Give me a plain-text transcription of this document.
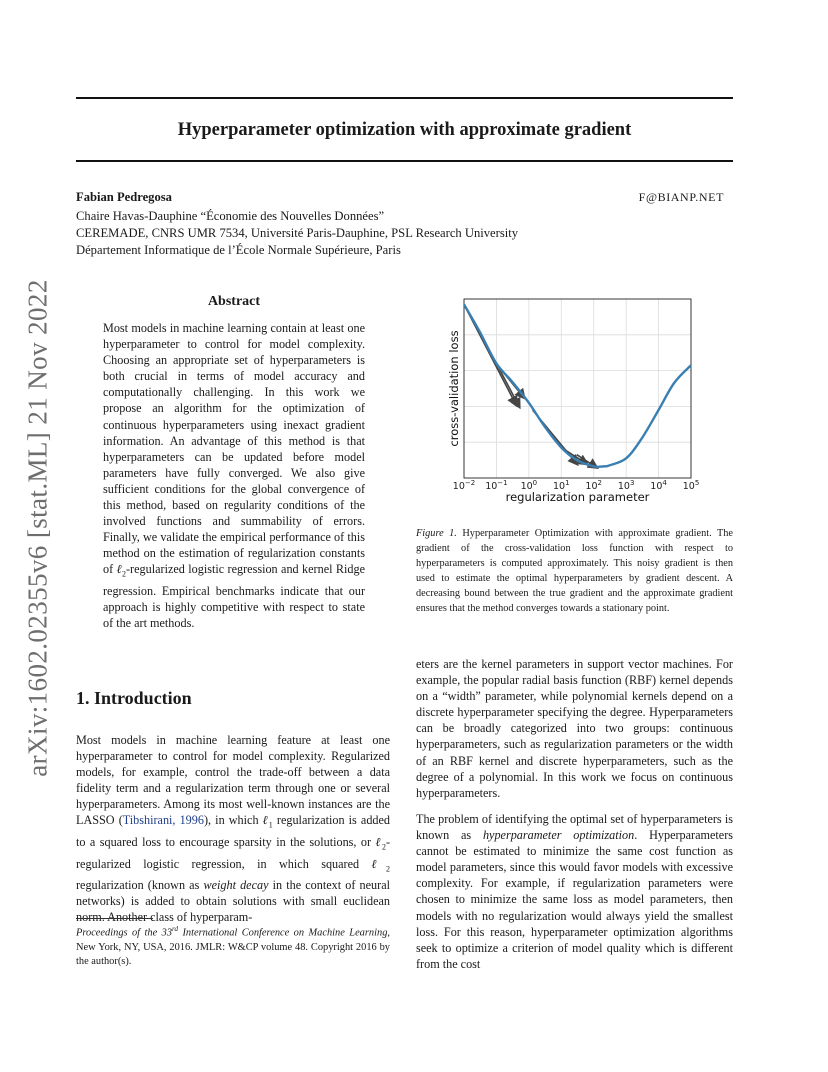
arXiv:1602.02355v6 [stat.ML] 21 Nov 2022
Hyperparameter optimization with approximate gradient
Fabian Pedregosa	F@BIANP.NET
Chaire Havas-Dauphine “Économie des Nouvelles Données”
CEREMADE, CNRS UMR 7534, Université Paris-Dauphine, PSL Research University
Département Informatique de l’École Normale Supérieure, Paris
Abstract
Most models in machine learning contain at least one hyperparameter to control for model complexity. Choosing an appropriate set of hyperparameters is both crucial in terms of model accuracy and computationally challenging. In this work we propose an algorithm for the optimization of continuous hyperparameters using inexact gradient information. An advantage of this method is that hyperparameters can be updated before model parameters have fully converged. We also give sufficient conditions for the global convergence of this method, based on regularity conditions of the involved functions and summability of errors. Finally, we validate the empirical performance of this method on the estimation of regularization constants of ℓ$_2$-regularized logistic regression and kernel Ridge regression. Empirical benchmarks indicate that our approach is highly competitive with respect to state of the art methods.
$10^{-2}$ $10^{-1}$ $10^0$ $10^1$ $10^2$ $10^3$ $10^4$ $10^5$
regularization parameter
cross-validation loss
Figure 1. Hyperparameter Optimization with approximate gradient. The gradient of the cross-validation loss function with respect to hyperparameters is computed approximately. This noisy gradient is then used to estimate the optimal hyperparameters by gradient descent. A decreasing bound between the true gradient and the approximate gradient ensures that the method converges towards a stationary point.
1. Introduction
Most models in machine learning feature at least one hyperparameter to control for model complexity. Regularized models, for example, control the trade-off between a data fidelity term and a regularization term through one or several hyperparameters. Among its most well-known instances are the LASSO (Tibshirani, 1996), in which ℓ$_1$ regularization is added to a squared loss to encourage sparsity in the solutions, or ℓ$_2$-regularized logistic regression, in which squared ℓ$_2$ regularization (known as weight decay in the context of neural networks) is added to obtain solutions with small euclidean norm. Another class of hyperparam-
Proceedings of the 33rd International Conference on Machine Learning, New York, NY, USA, 2016. JMLR: W&CP volume 48. Copyright 2016 by the author(s).
eters are the kernel parameters in support vector machines. For example, the popular radial basis function (RBF) kernel depends on a “width” parameter, while polynomial kernels depend on a discrete hyperparameter specifying the degree. Hyperparameters can be broadly categorized into two groups: continuous hyperparameters, such as regularization parameters or the width of an RBF kernel and discrete hyperparameters, such as the degree of a polynomial. In this work we focus on continuous hyperparameters.
The problem of identifying the optimal set of hyperparameters is known as hyperparameter optimization. Hyperparameters cannot be estimated to minimize the same cost function as model parameters, since this would favor models with excessive complexity. For example, if regularization parameters were chosen to minimize the same loss as model parameters, then models with no regularization would always yield the smallest loss. For this reason, hyperparameter optimization algorithms seek to optimize a criterion of model quality which is different from the cost
